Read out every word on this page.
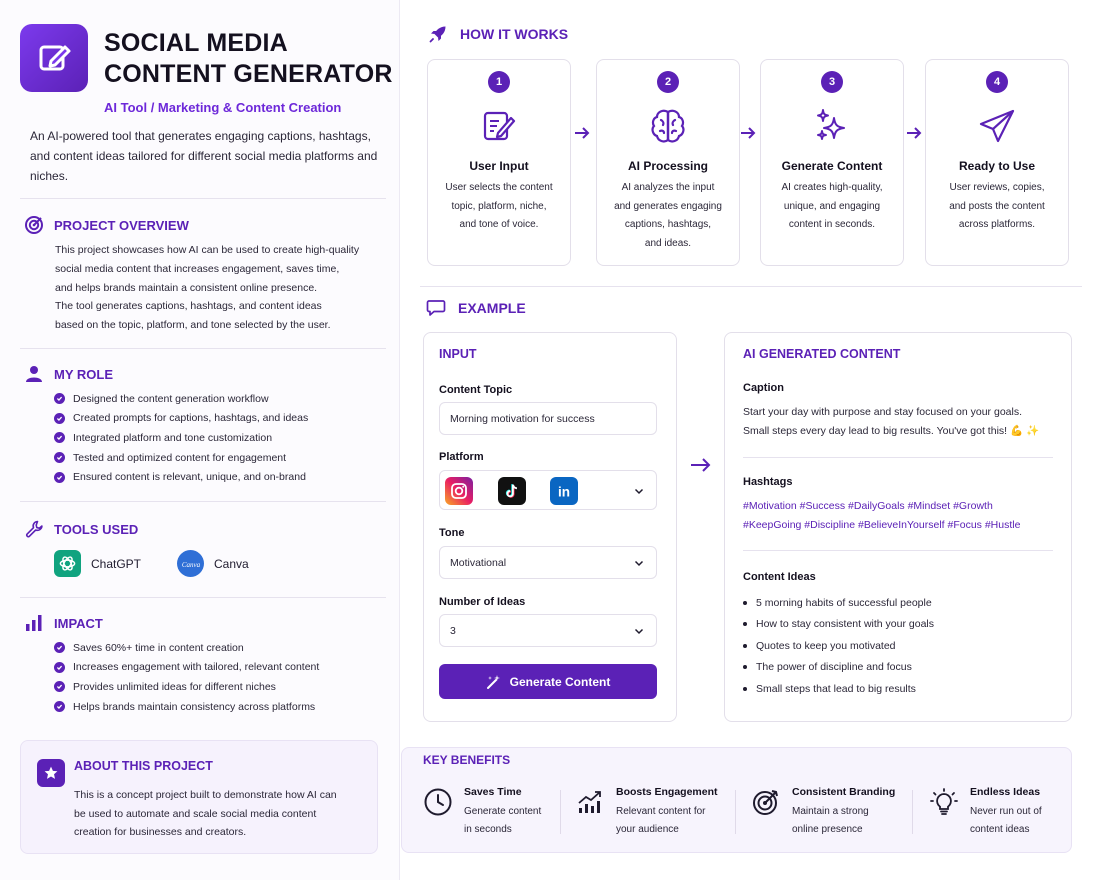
SOCIAL MEDIA
CONTENT GENERATOR
AI Tool / Marketing & Content Creation
An AI-powered tool that generates engaging captions, hashtags, and content ideas tailored for different social media platforms and niches.
PROJECT OVERVIEW
This project showcases how AI can be used to create high-quality
social media content that increases engagement, saves time,
and helps brands maintain a consistent online presence.
The tool generates captions, hashtags, and content ideas
based on the topic, platform, and tone selected by the user.
MY ROLE
Designed the content generation workflow
Created prompts for captions, hashtags, and ideas
Integrated platform and tone customization
Tested and optimized content for engagement
Ensured content is relevant, unique, and on-brand
TOOLS USED
ChatGPT	Canva Canva
IMPACT
Saves 60%+ time in content creation
Increases engagement with tailored, relevant content
Provides unlimited ideas for different niches
Helps brands maintain consistency across platforms
ABOUT THIS PROJECT
This is a concept project built to demonstrate how AI can
be used to automate and scale social media content
creation for businesses and creators.
HOW IT WORKS
1
User Input
User selects the content
topic, platform, niche,
and tone of voice.
2
AI Processing
AI analyzes the input
and generates engaging
captions, hashtags,
and ideas.
3
Generate Content
AI creates high-quality,
unique, and engaging
content in seconds.
4
Ready to Use
User reviews, copies,
and posts the content
across platforms.
EXAMPLE
INPUT
Content Topic
Morning motivation for success
Platform
in
Tone
Motivational
Number of Ideas
3
Generate Content
AI GENERATED CONTENT
Caption
Start your day with purpose and stay focused on your goals.
Small steps every day lead to big results. You've got this! 💪 ✨
Hashtags
#Motivation #Success #DailyGoals #Mindset #Growth
#KeepGoing #Discipline #BelieveInYourself #Focus #Hustle
Content Ideas
5 morning habits of successful people
How to stay consistent with your goals
Quotes to keep you motivated
The power of discipline and focus
Small steps that lead to big results
KEY BENEFITS
Saves Time
Generate content
in seconds
Boosts Engagement
Relevant content for
your audience
Consistent Branding
Maintain a strong
online presence
Endless Ideas
Never run out of
content ideas
